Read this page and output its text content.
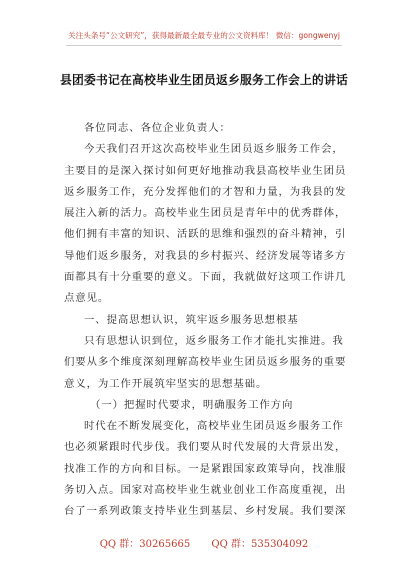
关注头条号“公文研究”，获得最新最全最专业的公文资料库！ 微信：gongwenyj
县团委书记在高校毕业生团员返乡服务工作会上的讲话
各位同志、各位企业负责人：
今天我们召开这次高校毕业生团员返乡服务工作会，
主要目的是深入探讨如何更好地推动我县高校毕业生团员
返乡服务工作，充分发挥他们的才智和力量，为我县的发
展注入新的活力。高校毕业生团员是青年中的优秀群体，
他们拥有丰富的知识、活跃的思维和强烈的奋斗精神，引
导他们返乡服务，对我县的乡村振兴、经济发展等诸多方
面都具有十分重要的意义。下面，我就做好这项工作讲几
点意见。
一、提高思想认识，筑牢返乡服务思想根基
只有思想认识到位，返乡服务工作才能扎实推进。我
们要从多个维度深刻理解高校毕业生团员返乡服务的重要
意义，为工作开展筑牢坚实的思想基础。
（一）把握时代要求，明确服务工作方向
时代在不断发展变化，高校毕业生团员返乡服务工作
也必须紧跟时代步伐。我们要从时代发展的大背景出发，
找准工作的方向和目标。一是紧跟国家政策导向，找准服
务切入点。国家对高校毕业生就业创业工作高度重视，出
台了一系列政策支持毕业生到基层、乡村发展。我们要深
QQ 群：30265665 QQ 群：535304092
